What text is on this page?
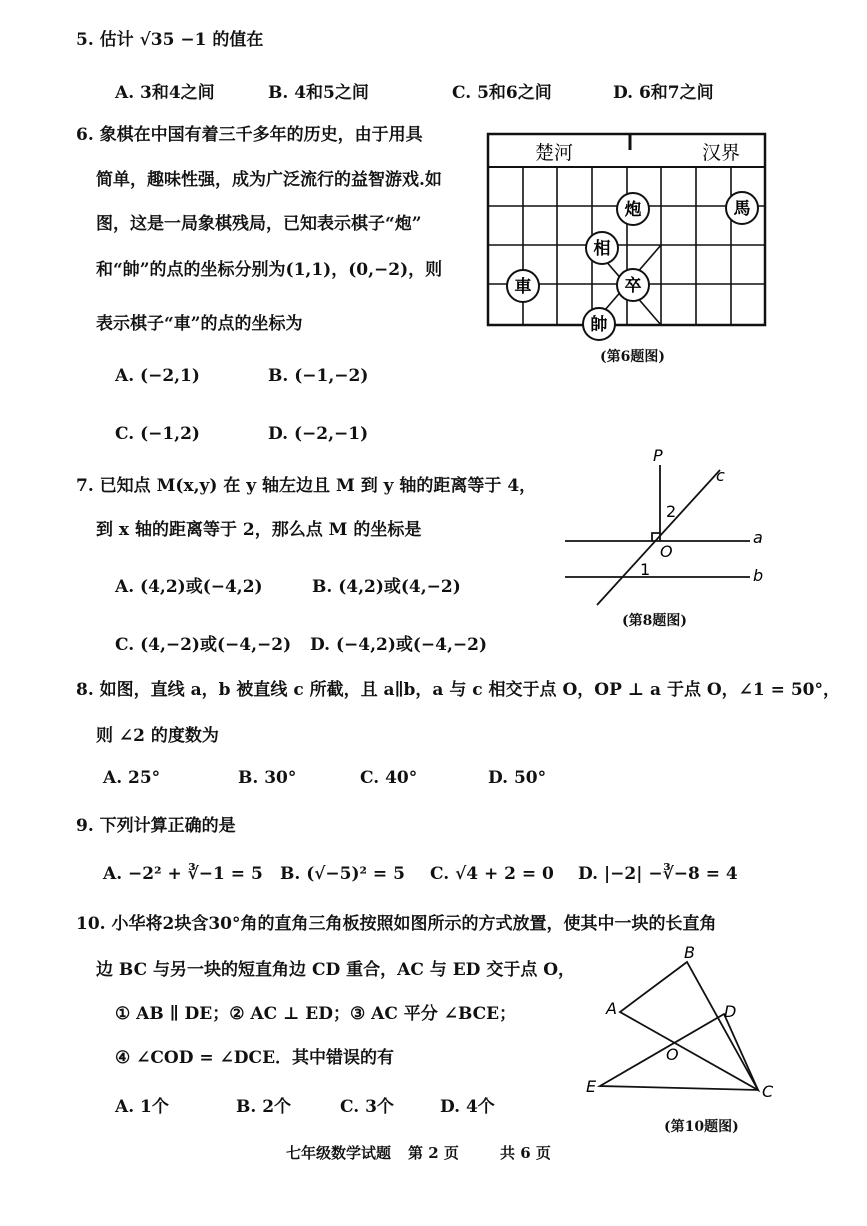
5. 估计 √35 −1 的值在
A. 3和4之间	B. 4和5之间	C. 5和6之间	D. 6和7之间
6. 象棋在中国有着三千多年的历史，由于用具
简单，趣味性强，成为广泛流行的益智游戏.如
图，这是一局象棋残局，已知表示棋子“炮”
和“帥”的点的坐标分别为(1,1)，(0,−2)，则
表示棋子“車”的点的坐标为
A. (−2,1)	B. (−1,−2)
C. (−1,2)	D. (−2,−1)
楚河	汉界
炮	馬
相
車	卒
帥
(第6题图)
7. 已知点 M(x,y) 在 y 轴左边且 M 到 y 轴的距离等于 4，
到 x 轴的距离等于 2，那么点 M 的坐标是
A. (4,2)或(−4,2)	B. (4,2)或(4,−2)
C. (4,−2)或(−4,−2) D. (−4,2)或(−4,−2)
P
c
2
O
a
1	b
(第8题图)
8. 如图，直线 a，b 被直线 c 所截，且 a∥b，a 与 c 相交于点 O，OP ⊥ a 于点 O，∠1 = 50°，
则 ∠2 的度数为
A. 25°	B. 30°	C. 40°	D. 50°
9. 下列计算正确的是
A. −2² + ∛−1 = 5 B. (√−5)² = 5 C. √4 + 2 = 0 D. |−2| −∛−8 = 4
10. 小华将2块含30°角的直角三角板按照如图所示的方式放置，使其中一块的长直角
边 BC 与另一块的短直角边 CD 重合，AC 与 ED 交于点 O，
① AB ∥ DE；② AC ⊥ ED；③ AC 平分 ∠BCE；
④ ∠COD = ∠DCE．其中错误的有
A. 1个	B. 2个	C. 3个	D. 4个
B
A	D
O
E	C
(第10题图)
七年级数学试题 第 2 页	共 6 页
